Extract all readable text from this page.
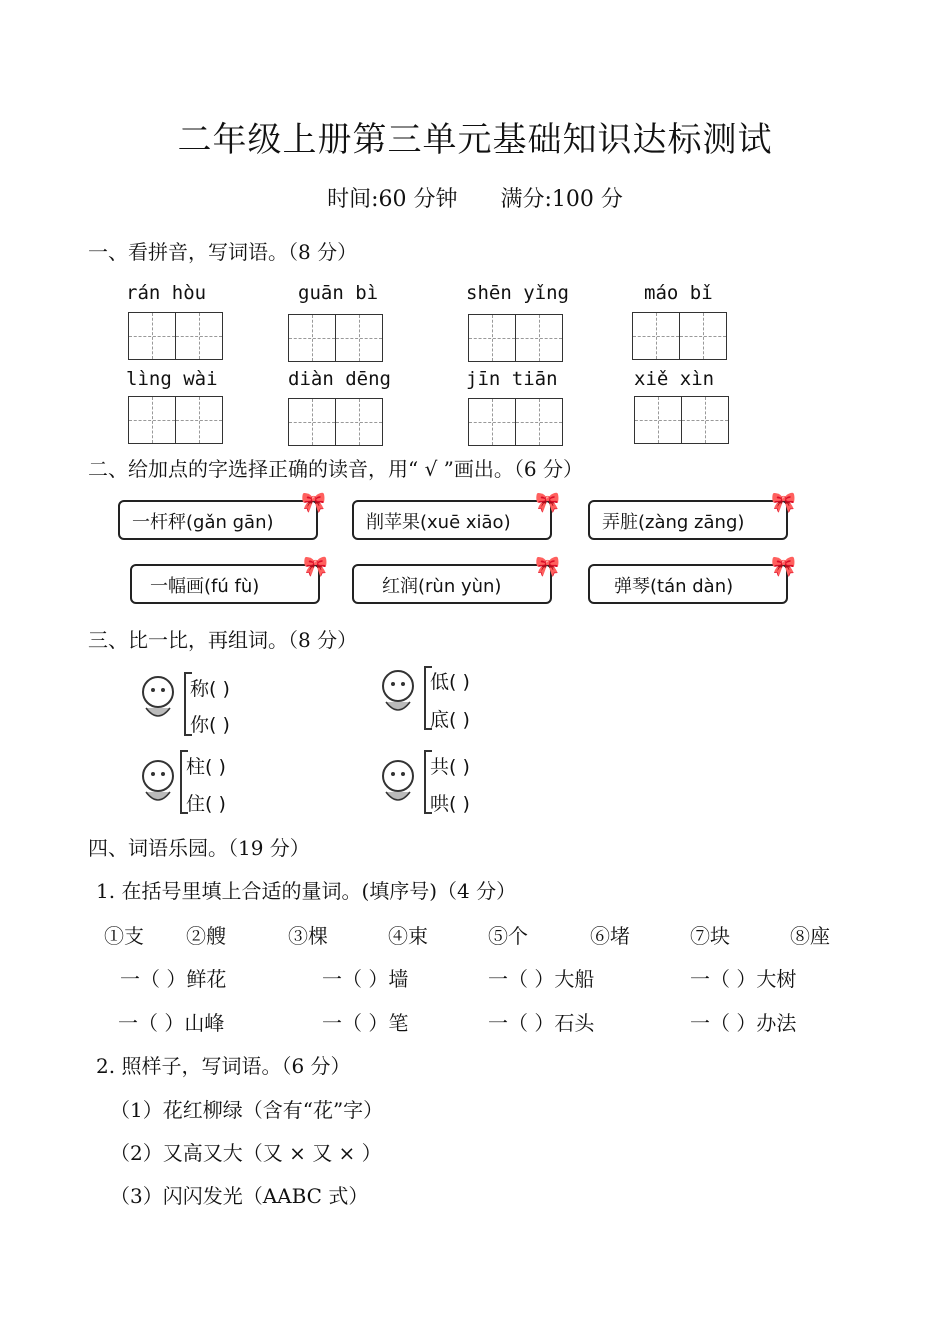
二年级上册第三单元基础知识达标测试
时间:60 分钟 满分:100 分
一、看拼音，写词语。（8 分）
rán hòu	guān bì	shēn yǐng	máo bǐ
lìng wài	diàn dēng	jīn tiān	xiě xìn
二、给加点的字选择正确的读音，用“ √ ”画出。（6 分）
一杆秤(gǎn gān)
🎀
削苹果(xuē xiāo)
🎀
弄脏(zàng zāng)
🎀
一幅画(fú fù)
🎀
红润(rùn yùn)
🎀
弹琴(tán dàn)
🎀
三、比一比，再组词。（8 分）
称( )
你( )
低( )
底( )
柱( )
住( )
共( )
哄( )
四、词语乐园。（19 分）
1. 在括号里填上合适的量词。(填序号)（4 分）
①支 ②艘	③棵	④束	⑤个	⑥堵	⑦块	⑧座
一（ ）鲜花	一（ ）墙	一（ ）大船	一（ ）大树
一（ ）山峰	一（ ）笔	一（ ）石头	一（ ）办法
2. 照样子，写词语。（6 分）
（1）花红柳绿（含有“花”字）
（2）又高又大（又 × 又 × ）
（3）闪闪发光（AABC 式）
